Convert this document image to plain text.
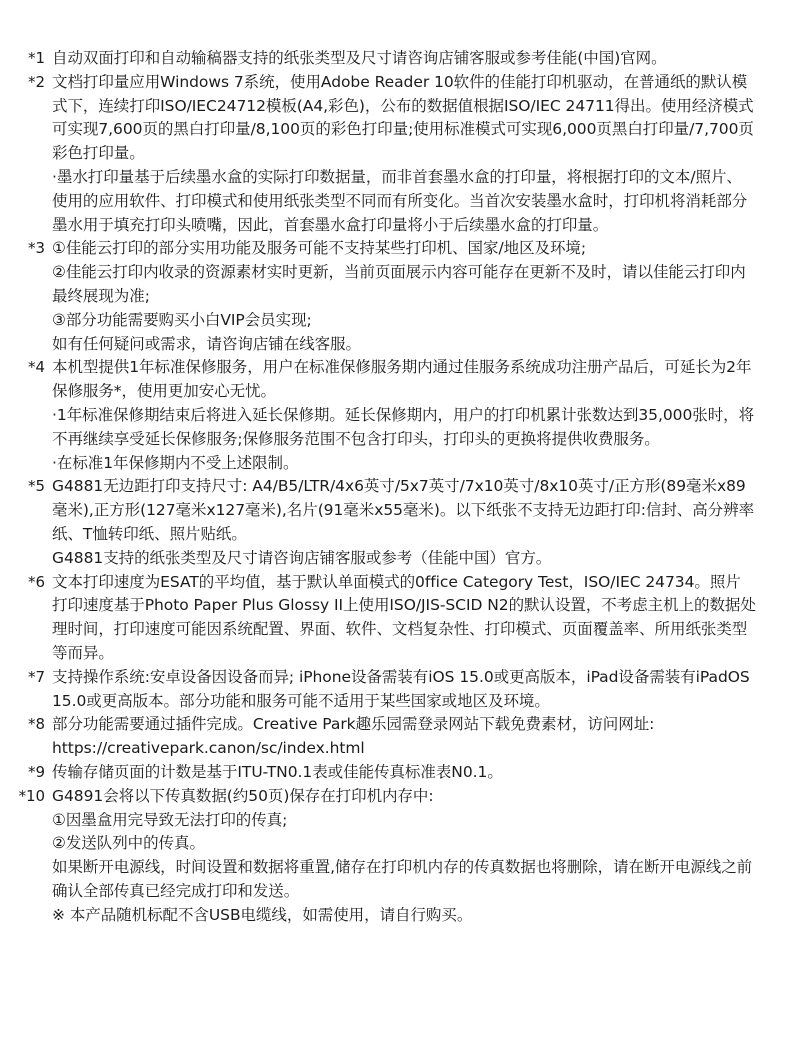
*1 自动双面打印和自动输稿器支持的纸张类型及尺寸请咨询店铺客服或参考佳能(中国)官网。
*2 文档打印量应用Windows 7系统，使用Adobe Reader 10软件的佳能打印机驱动，在普通纸的默认模式下，连续打印ISO/IEC24712模板(A4,彩色)，公布的数据值根据ISO/IEC 24711得出。使用经济模式可实现7,600页的黑白打印量/8,100页的彩色打印量;使用标准模式可实现6,000页黑白打印量/7,700页彩色打印量。
·墨水打印量基于后续墨水盒的实际打印数据量，而非首套墨水盒的打印量，将根据打印的文本/照片、使用的应用软件、打印模式和使用纸张类型不同而有所变化。当首次安装墨水盒时，打印机将消耗部分墨水用于填充打印头喷嘴，因此，首套墨水盒打印量将小于后续墨水盒的打印量。
*3 ①佳能云打印的部分实用功能及服务可能不支持某些打印机、国家/地区及环境;
②佳能云打印内收录的资源素材实时更新，当前页面展示内容可能存在更新不及时，请以佳能云打印内最终展现为准;
③部分功能需要购买小白VIP会员实现;
如有任何疑问或需求，请咨询店铺在线客服。
*4 本机型提供1年标准保修服务，用户在标准保修服务期内通过佳服务系统成功注册产品后，可延长为2年保修服务*，使用更加安心无忧。
·1年标准保修期结束后将进入延长保修期。延长保修期内，用户的打印机累计张数达到35,000张时，将不再继续享受延长保修服务;保修服务范围不包含打印头，打印头的更换将提供收费服务。
·在标准1年保修期内不受上述限制。
*5 G4881无边距打印支持尺寸: A4/B5/LTR/4x6英寸/5x7英寸/7x10英寸/8x10英寸/正方形(89毫米x89毫米),正方形(127毫米x127毫米),名片(91毫米x55毫米)。以下纸张不支持无边距打印:信封、高分辨率纸、T恤转印纸、照片贴纸。
G4881支持的纸张类型及尺寸请咨询店铺客服或参考（佳能中国）官方。
*6 文本打印速度为ESAT的平均值，基于默认单面模式的0ffice Category Test，ISO/IEC 24734。照片打印速度基于Photo Paper Plus Glossy II上使用ISO/JIS-SCID N2的默认设置，不考虑主机上的数据处理时间，打印速度可能因系统配置、界面、软件、文档复杂性、打印模式、页面覆盖率、所用纸张类型等而异。
*7 支持操作系统:安卓设备因设备而异; iPhone设备需装有iOS 15.0或更高版本，iPad设备需装有iPadOS 15.0或更高版本。部分功能和服务可能不适用于某些国家或地区及环境。
*8 部分功能需要通过插件完成。Creative Park趣乐园需登录网站下载免费素材，访问网址:
https://creativepark.canon/sc/index.html
*9 传输存储页面的计数是基于ITU-TN0.1表或佳能传真标准表N0.1。
*10 G4891会将以下传真数据(约50页)保存在打印机内存中:
①因墨盒用完导致无法打印的传真;
②发送队列中的传真。
如果断开电源线，时间设置和数据将重置,储存在打印机内存的传真数据也将删除，请在断开电源线之前确认全部传真已经完成打印和发送。
※ 本产品随机标配不含USB电缆线，如需使用，请自行购买。
